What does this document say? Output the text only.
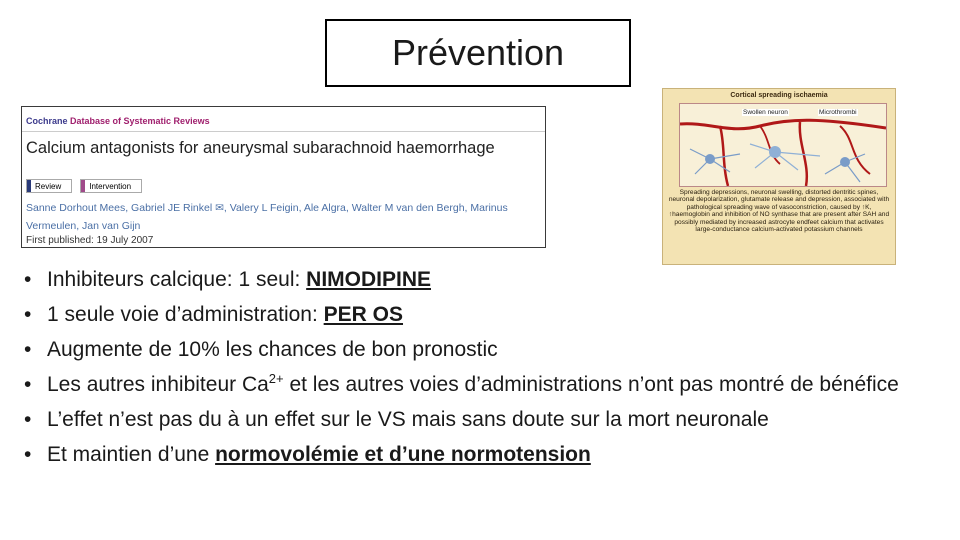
Prévention
Cochrane Database of Systematic Reviews
Calcium antagonists for aneurysmal subarachnoid haemorrhage
Review	Intervention
Sanne Dorhout Mees, Gabriel JE Rinkel ✉, Valery L Feigin, Ale Algra, Walter M van den Bergh, Marinus Vermeulen, Jan van Gijn
First published: 19 July 2007
Cortical spreading ischaemia
Swollen neuron	Microthrombi
Spreading depressions, neuronal swelling, distorted dentritic spines, neuronal depolarization, glutamate release and depression, associated with pathological spreading wave of vasoconstriction, caused by ↑K, ↑haemoglobin and inhibition of NO synthase that are present after SAH and possibly mediated by increased astrocyte endfeet calcium that activates large-conductance calcium-activated potassium channels
• Inhibiteurs calcique: 1 seul: NIMODIPINE
• 1 seule voie d’administration: PER OS
• Augmente de 10% les chances de bon pronostic
• Les autres inhibiteur $Ca^{2+}$ et les autres voies d’administrations n’ont pas montré de bénéfice
• L’effet n’est pas du à un effet sur le VS mais sans doute sur la mort neuronale
• Et maintien d’une normovolémie et d’une normotension
